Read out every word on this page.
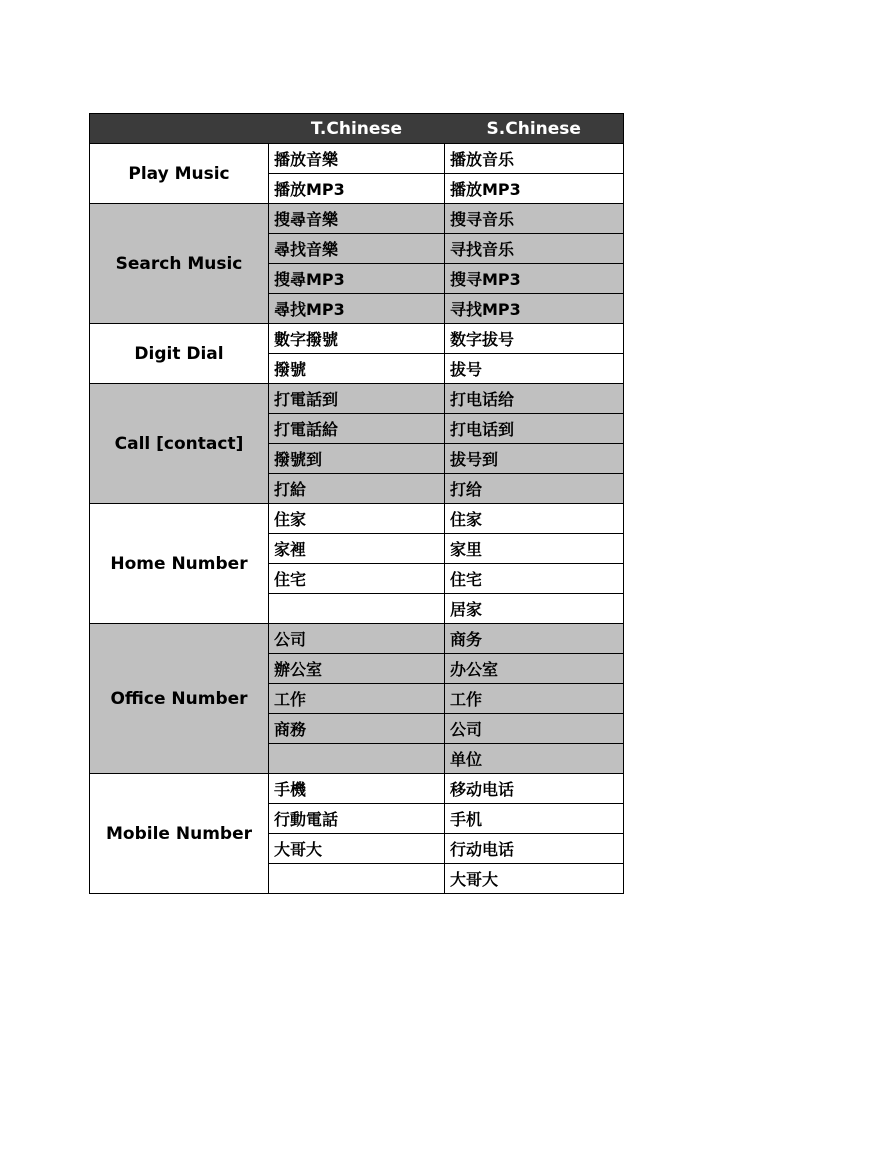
	T.Chinese	S.Chinese
Play Music	播放音樂	播放音乐
	播放MP3	播放MP3
Search Music	搜尋音樂	搜寻音乐
	尋找音樂	寻找音乐
	搜尋MP3	搜寻MP3
	尋找MP3	寻找MP3
Digit Dial	數字撥號	数字拔号
	撥號	拔号
Call [contact]	打電話到	打电话给
	打電話給	打电话到
	撥號到	拔号到
	打給	打给
Home Number	住家	住家
	家裡	家里
	住宅	住宅
		居家
Office Number	公司	商务
	辦公室	办公室
	工作	工作
	商務	公司
		单位
Mobile Number	手機	移动电话
	行動電話	手机
	大哥大	行动电话
		大哥大
